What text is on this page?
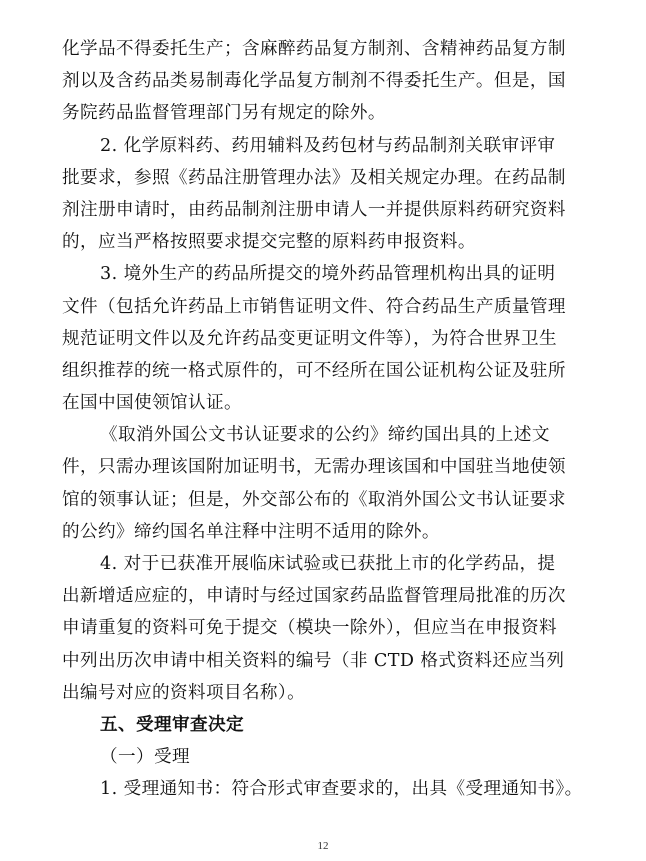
化学品不得委托生产；含麻醉药品复方制剂、含精神药品复方制
剂以及含药品类易制毒化学品复方制剂不得委托生产。但是，国
务院药品监督管理部门另有规定的除外。
2. 化学原料药、药用辅料及药包材与药品制剂关联审评审
批要求，参照《药品注册管理办法》及相关规定办理。在药品制
剂注册申请时，由药品制剂注册申请人一并提供原料药研究资料
的，应当严格按照要求提交完整的原料药申报资料。
3. 境外生产的药品所提交的境外药品管理机构出具的证明
文件（包括允许药品上市销售证明文件、符合药品生产质量管理
规范证明文件以及允许药品变更证明文件等），为符合世界卫生
组织推荐的统一格式原件的，可不经所在国公证机构公证及驻所
在国中国使领馆认证。
《取消外国公文书认证要求的公约》缔约国出具的上述文
件，只需办理该国附加证明书，无需办理该国和中国驻当地使领
馆的领事认证；但是，外交部公布的《取消外国公文书认证要求
的公约》缔约国名单注释中注明不适用的除外。
4. 对于已获准开展临床试验或已获批上市的化学药品，提
出新增适应症的，申请时与经过国家药品监督管理局批准的历次
申请重复的资料可免于提交（模块一除外），但应当在申报资料
中列出历次申请中相关资料的编号（非 CTD 格式资料还应当列
出编号对应的资料项目名称）。
五、受理审查决定
（一）受理
1. 受理通知书：符合形式审查要求的，出具《受理通知书》。
12
